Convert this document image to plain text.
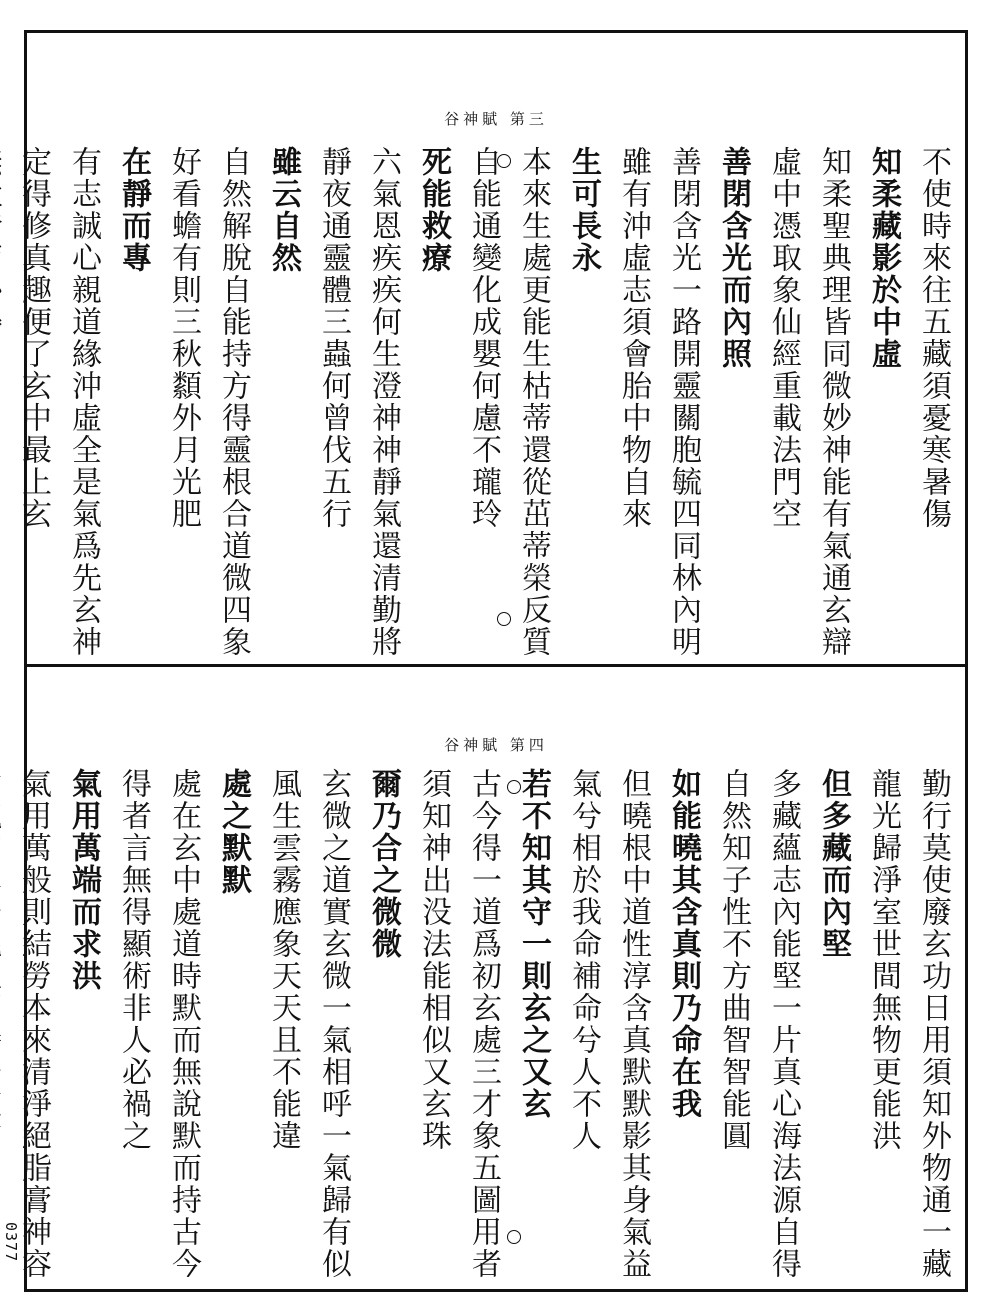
谷神賦 第三
不使時來往五藏須憂寒暑傷
知柔藏影於中虛
知柔聖典理皆同微妙神能有氣通玄辯
虛中憑取象仙經重載法門空
善閉含光而內照
善閉含光一路開靈關胞毓四同林內明
雖有沖虛志須會胎中物自來
生可長永
本來生處更能生枯蒂還從茁蒂榮反質
自能通變化成嬰何慮不瓏玲
死能救療
六氣恩疾疾何生澄神神靜氣還清勤將
靜夜通靈體三蟲何曾伐五行
雖云自然
自然解脫自能持方得靈根合道微四象
好看蟾有則三秋纇外月光肥
在靜而專
有志誠心親道緣沖虛全是氣爲先玄神
定得修真趣便了玄中最上玄
谷神賦 第四
勤行莫使廢玄功日用須知外物通一藏
龍光歸淨室世間無物更能洪
但多藏而內堅
多藏蘊志內能堅一片真心海法源自得
自然知子性不方曲智智能圓
如能曉其含真則乃命在我
但曉根中道性淳含真默默影其身氣益
氣兮相於我命補命兮人不人
若不知其守一則玄之又玄
古今得一道爲初玄處三才象五圖用者
須知神出没法能相似又玄珠
爾乃合之微微
玄微之道實玄微一氣相呼一氣歸有似
風生雲霧應象天天且不能違
處之默默
處在玄中處道時默而無說默而持古今
得者言無得顯術非人必禍之
氣用萬端而求洪
氣用萬般則結勞本來清淨絕脂膏神容
0377
